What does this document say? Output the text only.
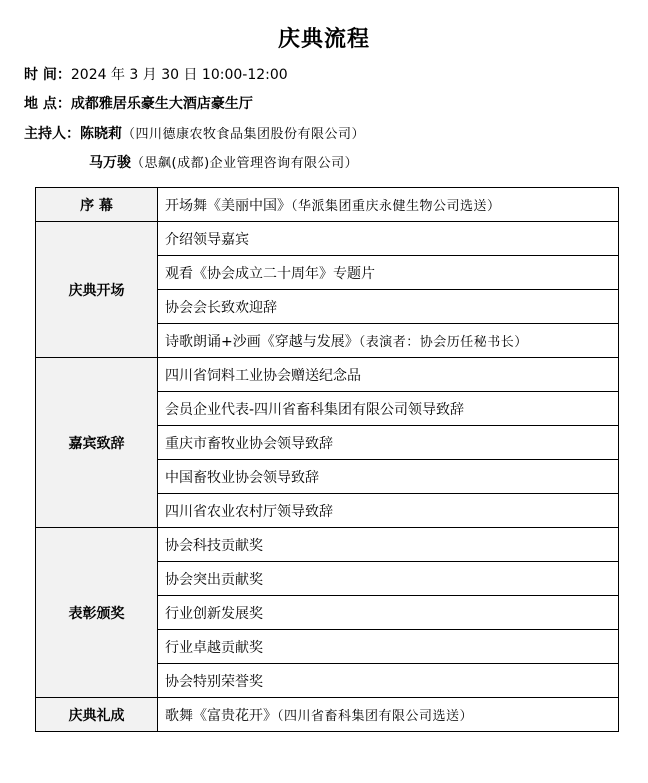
庆典流程
时 间：2024 年 3 月 30 日 10:00-12:00
地 点：成都雅居乐豪生大酒店豪生厅
主持人：陈晓莉（四川德康农牧食品集团股份有限公司）
马万骏（思飙(成都)企业管理咨询有限公司）
序 幕	开场舞《美丽中国》（华派集团重庆永健生物公司选送）
庆典开场	介绍领导嘉宾
	观看《协会成立二十周年》专题片
	协会会长致欢迎辞
	诗歌朗诵+沙画《穿越与发展》（表演者：协会历任秘书长）
嘉宾致辞	四川省饲料工业协会赠送纪念品
	会员企业代表-四川省畜科集团有限公司领导致辞
	重庆市畜牧业协会领导致辞
	中国畜牧业协会领导致辞
	四川省农业农村厅领导致辞
表彰颁奖	协会科技贡献奖
	协会突出贡献奖
	行业创新发展奖
	行业卓越贡献奖
	协会特别荣誉奖
庆典礼成	歌舞《富贵花开》（四川省畜科集团有限公司选送）
